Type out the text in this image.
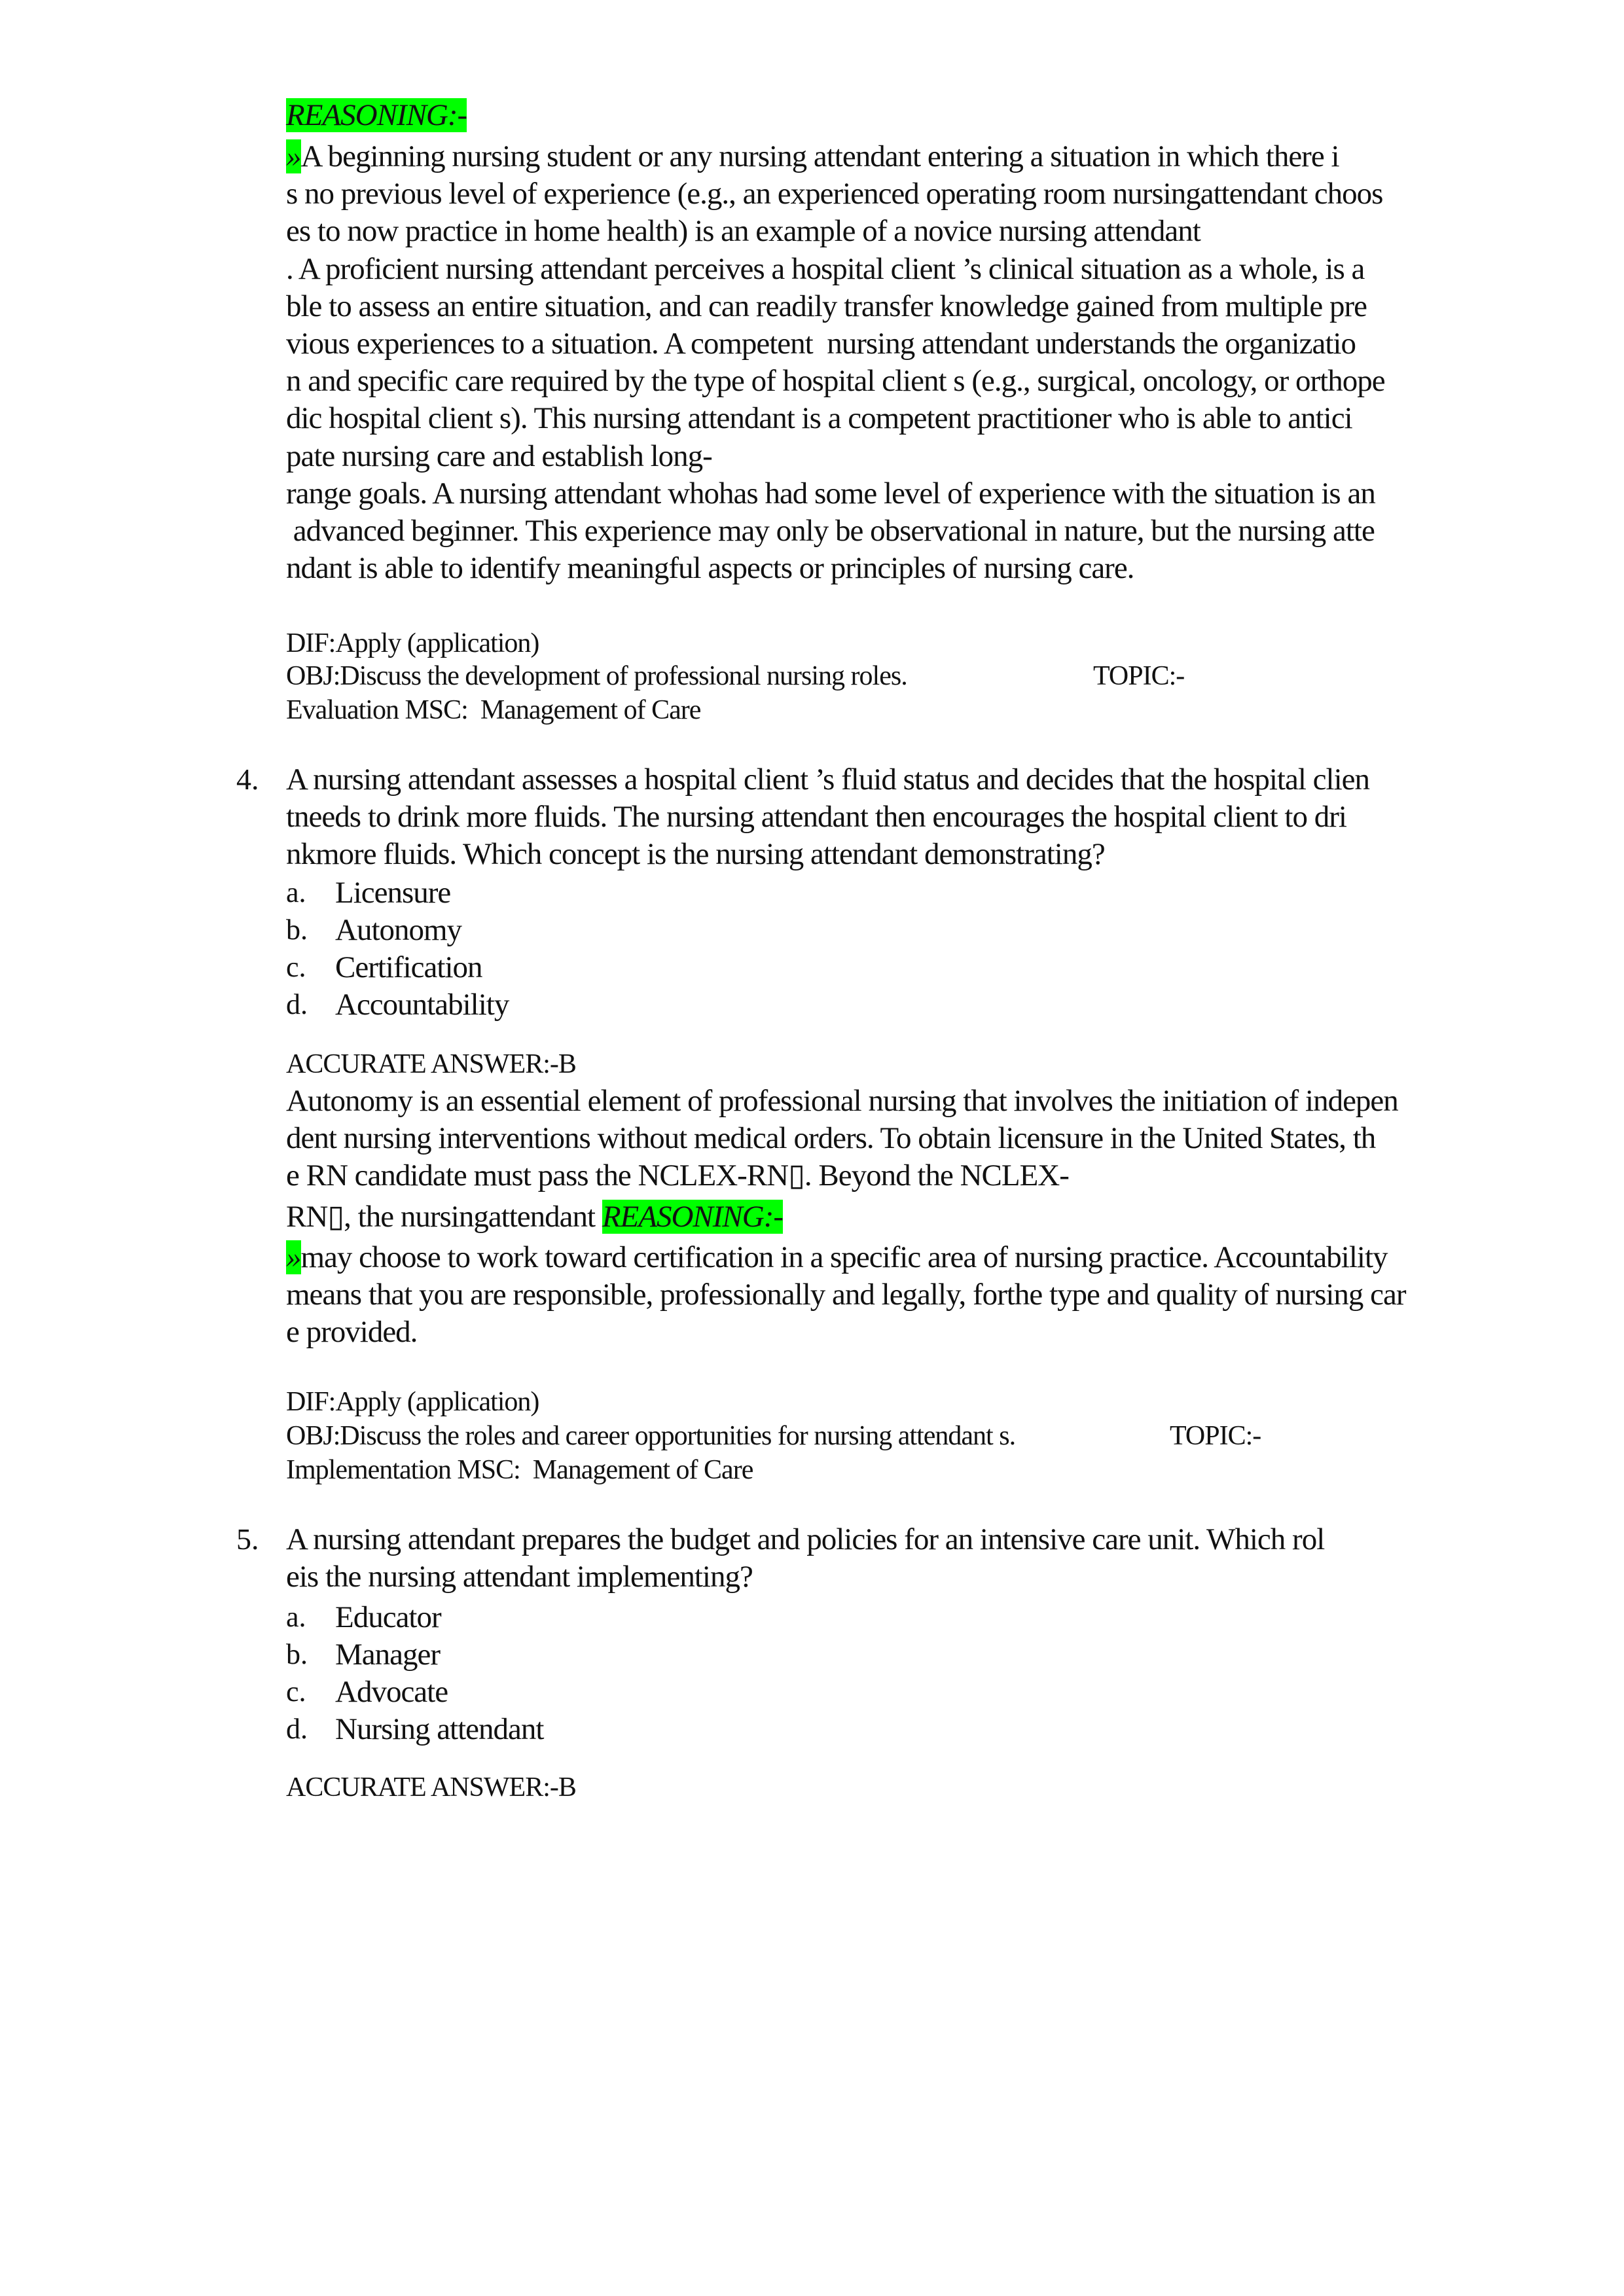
REASONING:-
»A beginning nursing student or any nursing attendant entering a situation in which there i
s no previous level of experience (e.g., an experienced operating room nursingattendant choos
es to now practice in home health) is an example of a novice nursing attendant
. A proficient nursing attendant perceives a hospital client ’s clinical situation as a whole, is a
ble to assess an entire situation, and can readily transfer knowledge gained from multiple pre
vious experiences to a situation. A competent  nursing attendant understands the organizatio
n and specific care required by the type of hospital client s (e.g., surgical, oncology, or orthope
dic hospital client s). This nursing attendant is a competent practitioner who is able to antici
pate nursing care and establish long-
range goals. A nursing attendant whohas had some level of experience with the situation is an
advanced beginner. This experience may only be observational in nature, but the nursing atte
ndant is able to identify meaningful aspects or principles of nursing care.
DIF:Apply (application)
OBJ:Discuss the development of professional nursing roles.	TOPIC:-
Evaluation MSC:  Management of Care
4. A nursing attendant assesses a hospital client ’s fluid status and decides that the hospital clien
tneeds to drink more fluids. The nursing attendant then encourages the hospital client to dri
nkmore fluids. Which concept is the nursing attendant demonstrating?
a. Licensure
b. Autonomy
c. Certification
d. Accountability
ACCURATE ANSWER:-B
Autonomy is an essential element of professional nursing that involves the initiation of indepen
dent nursing interventions without medical orders. To obtain licensure in the United States, th
e RN candidate must pass the NCLEX-RN▯. Beyond the NCLEX-
RN▯, the nursingattendant REASONING:-
»may choose to work toward certification in a specific area of nursing practice. Accountability
means that you are responsible, professionally and legally, forthe type and quality of nursing car
e provided.
DIF:Apply (application)
OBJ:Discuss the roles and career opportunities for nursing attendant s.	TOPIC:-
Implementation MSC:  Management of Care
5. A nursing attendant prepares the budget and policies for an intensive care unit. Which rol
eis the nursing attendant implementing?
a. Educator
b. Manager
c. Advocate
d. Nursing attendant
ACCURATE ANSWER:-B
